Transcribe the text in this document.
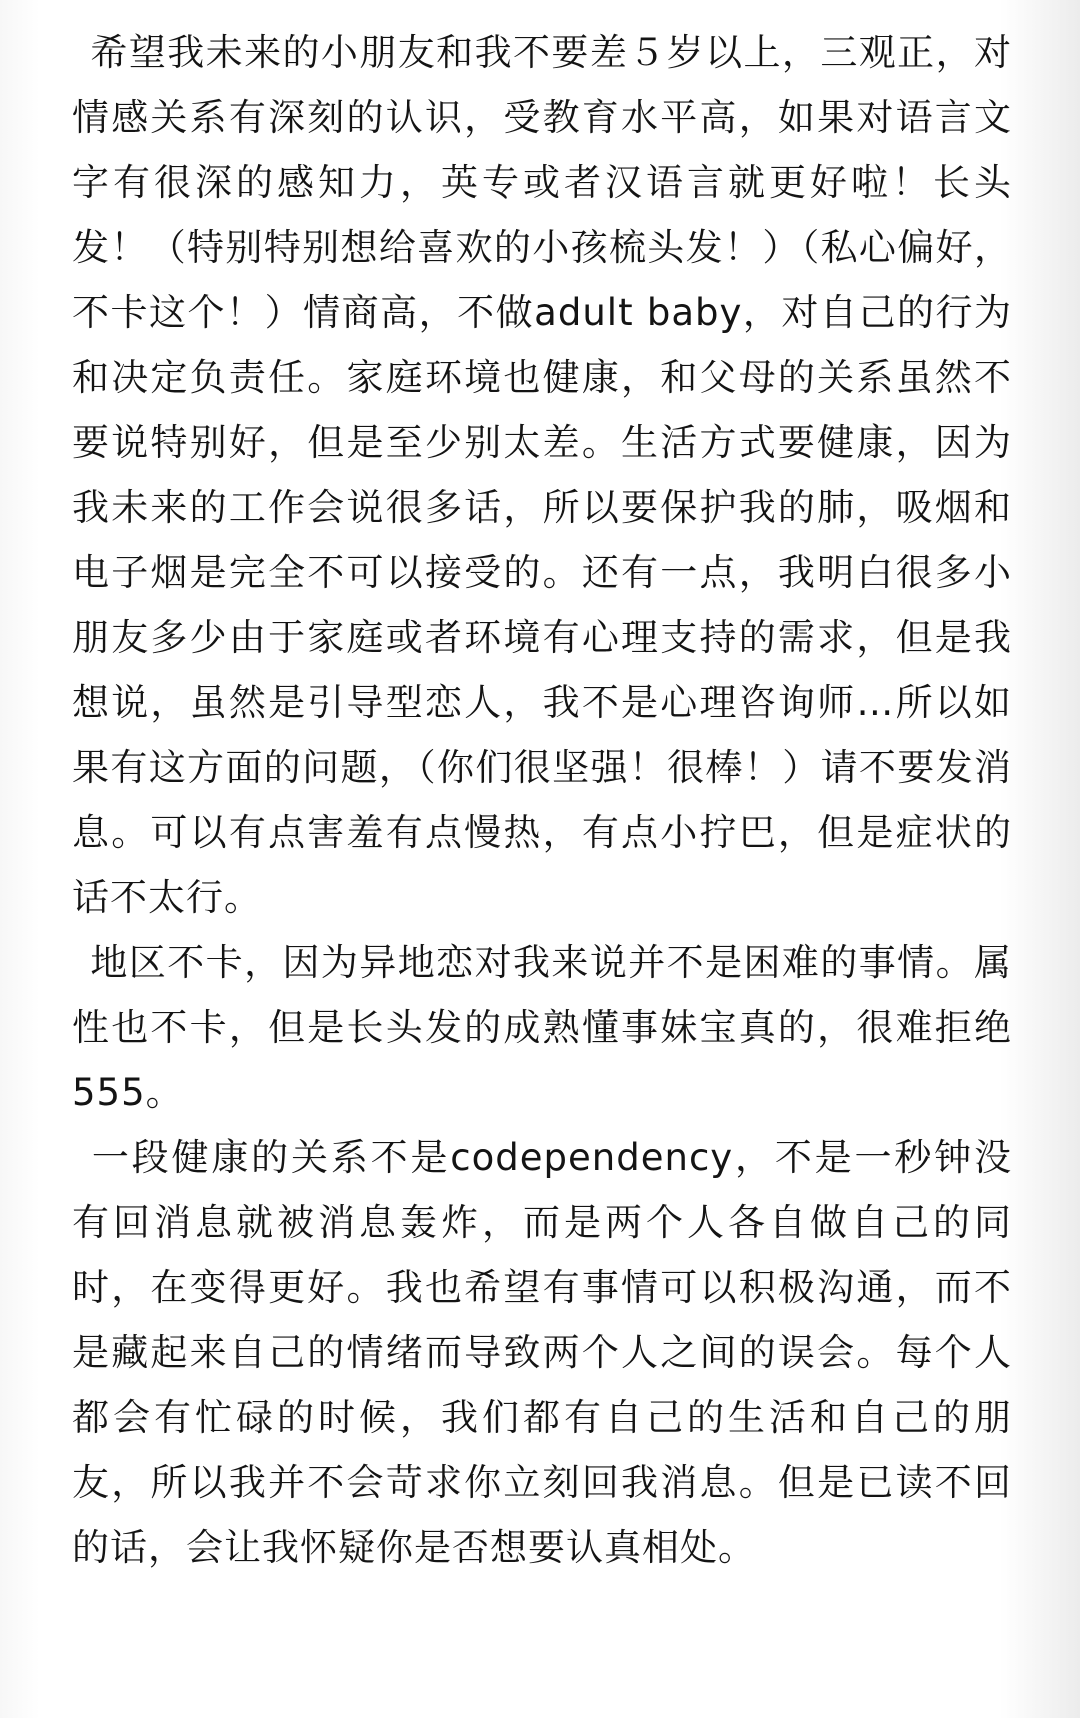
希望我未来的小朋友和我不要差５岁以上，三观正，对情感关系有深刻的认识，受教育水平高，如果对语言文字有很深的感知力，英专或者汉语言就更好啦！长头发！（特别特别想给喜欢的小孩梳头发！）（私心偏好，不卡这个！）情商高，不做adult baby，对自己的行为和决定负责任。家庭环境也健康，和父母的关系虽然不要说特别好，但是至少别太差。生活方式要健康，因为我未来的工作会说很多话，所以要保护我的肺，吸烟和电子烟是完全不可以接受的。还有一点，我明白很多小朋友多少由于家庭或者环境有心理支持的需求，但是我想说，虽然是引导型恋人，我不是心理咨询师…所以如果有这方面的问题，（你们很坚强！很棒！）请不要发消息。可以有点害羞有点慢热，有点小拧巴，但是症状的话不太行。

地区不卡，因为异地恋对我来说并不是困难的事情。属性也不卡，但是长头发的成熟懂事妹宝真的，很难拒绝555。

一段健康的关系不是codependency，不是一秒钟没有回消息就被消息轰炸，而是两个人各自做自己的同时，在变得更好。我也希望有事情可以积极沟通，而不是藏起来自己的情绪而导致两个人之间的误会。每个人都会有忙碌的时候，我们都有自己的生活和自己的朋友，所以我并不会苛求你立刻回我消息。但是已读不回的话，会让我怀疑你是否想要认真相处。
